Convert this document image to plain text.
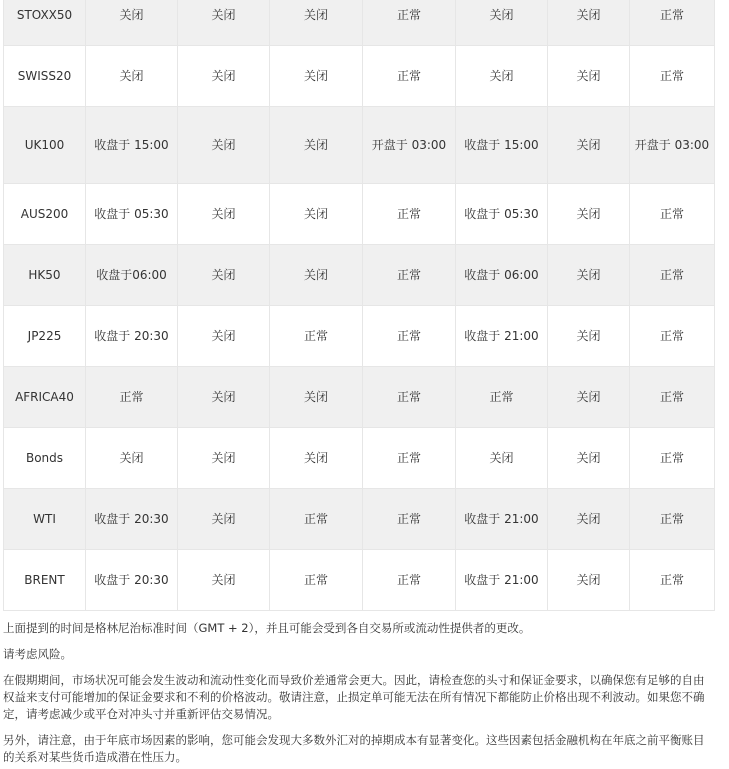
STOXX50	关闭	关闭	关闭	正常	关闭	关闭	正常
SWISS20	关闭	关闭	关闭	正常	关闭	关闭	正常
UK100	收盘于 15:00	关闭	关闭	开盘于 03:00	收盘于 15:00	关闭	开盘于 03:00
AUS200	收盘于 05:30	关闭	关闭	正常	收盘于 05:30	关闭	正常
HK50	收盘于06:00	关闭	关闭	正常	收盘于 06:00	关闭	正常
JP225	收盘于 20:30	关闭	正常	正常	收盘于 21:00	关闭	正常
AFRICA40	正常	关闭	关闭	正常	正常	关闭	正常
Bonds	关闭	关闭	关闭	正常	关闭	关闭	正常
WTI	收盘于 20:30	关闭	正常	正常	收盘于 21:00	关闭	正常
BRENT	收盘于 20:30	关闭	正常	正常	收盘于 21:00	关闭	正常

上面提到的时间是格林尼治标准时间（GMT + 2），并且可能会受到各自交易所或流动性提供者的更改。

请考虑风险。

在假期期间，市场状况可能会发生波动和流动性变化而导致价差通常会更大。因此，请检查您的头寸和保证金要求，以确保您有足够的自由权益来支付可能增加的保证金要求和不利的价格波动。敬请注意，止损定单可能无法在所有情况下都能防止价格出现不利波动。如果您不确定，请考虑减少或平仓对冲头寸并重新评估交易情况。

另外，请注意，由于年底市场因素的影响，您可能会发现大多数外汇对的掉期成本有显著变化。这些因素包括金融机构在年底之前平衡账目的关系对某些货币造成潜在性压力。
